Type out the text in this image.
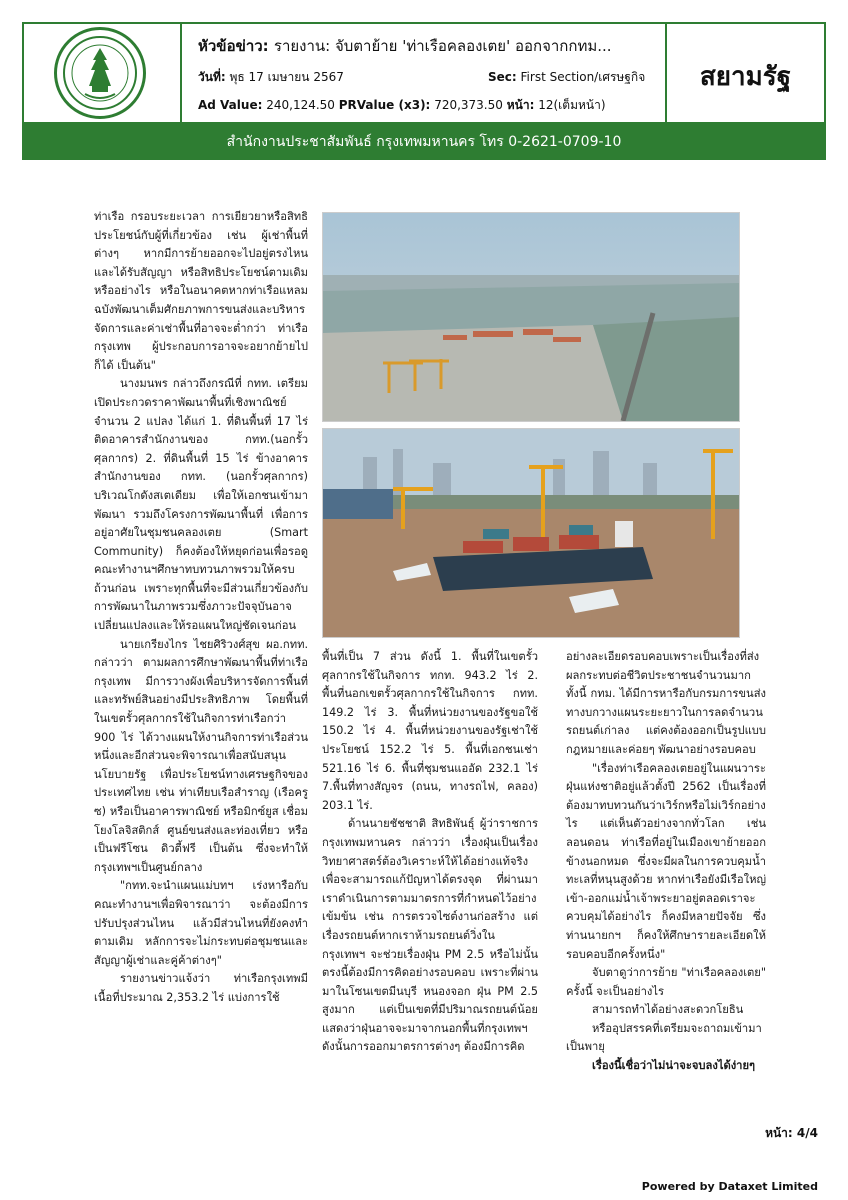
หัวข้อข่าว: รายงาน: จับตาย้าย 'ท่าเรือคลองเตย' ออกจากกทม...
วันที่: พุธ 17 เมษายน 2567	Sec: First Section/เศรษฐกิจ
Ad Value: 240,124.50 PRValue (x3): 720,373.50 หน้า: 12(เต็มหน้า)
สยามรัฐ
สำนักงานประชาสัมพันธ์ กรุงเทพมหานคร โทร 0-2621-0709-10

ท่าเรือ กรอบระยะเวลา การเยียวยาหรือสิทธิประโยชน์กับผู้ที่เกี่ยวข้อง เช่น ผู้เช่าพื้นที่ต่างๆ หากมีการย้ายออกจะไปอยู่ตรงไหน และได้รับสัญญา หรือสิทธิประโยชน์ตามเดิมหรืออย่างไร หรือในอนาคตหากท่าเรือแหลมฉบังพัฒนาเต็มศักยภาพการขนส่งและบริหารจัดการและค่าเช่าพื้นที่อาจจะต่ำกว่า ท่าเรือกรุงเทพ ผู้ประกอบการอาจจะอยากย้ายไปก็ได้ เป็นต้น"

นางมนพร กล่าวถึงกรณีที่ กทท. เตรียมเปิดประกวดราคาพัฒนาพื้นที่เชิงพาณิชย์จำนวน 2 แปลง ได้แก่ 1. ที่ดินพื้นที่ 17 ไร่ ติดอาคารสำนักงานของ กทท.(นอกรั้วศุลกากร) 2. ที่ดินพื้นที่ 15 ไร่ ข้างอาคารสำนักงานของ กทท. (นอกรั้วศุลกากร) บริเวณโกดังสเตเดียม เพื่อให้เอกชนเข้ามาพัฒนา รวมถึงโครงการพัฒนาพื้นที่ เพื่อการอยู่อาศัยในชุมชนคลองเตย (Smart Community) ก็คงต้องให้หยุดก่อนเพื่อรอดูคณะทำงานฯศึกษาทบทวนภาพรวมให้ครบถ้วนก่อน เพราะทุกพื้นที่จะมีส่วนเกี่ยวข้องกับการพัฒนาในภาพรวมซึ่งภาวะปัจจุบันอาจเปลี่ยนแปลงและให้รอแผนใหญ่ชัดเจนก่อน

นายเกรียงไกร ไชยศิริวงศ์สุข ผอ.กทท. กล่าวว่า ตามผลการศึกษาพัฒนาพื้นที่ท่าเรือกรุงเทพ มีการวางผังเพื่อบริหารจัดการพื้นที่และทรัพย์สินอย่างมีประสิทธิภาพ โดยพื้นที่ในเขตรั้วศุลกากรใช้ในกิจการท่าเรือกว่า 900 ไร่ ได้วางแผนให้งานกิจการท่าเรือส่วนหนึ่งและอีกส่วนจะพิจารณาเพื่อสนับสนุนนโยบายรัฐ เพื่อประโยชน์ทางเศรษฐกิจของประเทศไทย เช่น ท่าเทียบเรือสำราญ (เรือครูซ) หรือเป็นอาคารพาณิชย์ หรือมิกซ์ยูส เชื่อมโยงโลจิสติกส์ ศูนย์ขนส่งและท่องเที่ยว หรือเป็นฟรีโซน ดิวตี้ฟรี เป็นต้น ซึ่งจะทำให้กรุงเทพฯเป็นศูนย์กลาง

"กทท.จะนำแผนแม่บทฯ เร่งหารือกับคณะทำงานฯเพื่อพิจารณาว่า จะต้องมีการปรับปรุงส่วนไหน แล้วมีส่วนไหนที่ยังคงทำตามเดิม หลักการจะไม่กระทบต่อชุมชนและสัญญาผู้เช่าและคู่ค้าต่างๆ"

รายงานข่าวแจ้งว่า ท่าเรือกรุงเทพมีเนื้อที่ประมาณ 2,353.2 ไร่ แบ่งการใช้

พื้นที่เป็น 7 ส่วน ดังนี้ 1. พื้นที่ในเขตรั้วศุลกากรใช้ในกิจการ ทกท. 943.2 ไร่ 2. พื้นที่นอกเขตรั้วศุลกากรใช้ในกิจการ กทท. 149.2 ไร่ 3. พื้นที่หน่วยงานของรัฐขอใช้ 150.2 ไร่ 4. พื้นที่หน่วยงานของรัฐเช่าใช้ประโยชน์ 152.2 ไร่ 5. พื้นที่เอกชนเช่า 521.16 ไร่ 6. พื้นที่ชุมชนแออัด 232.1 ไร่ 7.พื้นที่ทางสัญจร (ถนน, ทางรถไฟ, คลอง) 203.1 ไร่.

ด้านนายชัชชาติ สิทธิพันธุ์ ผู้ว่าราชการกรุงเทพมหานคร กล่าวว่า เรื่องฝุ่นเป็นเรื่องวิทยาศาสตร์ต้องวิเคราะห์ให้ได้อย่างแท้จริงเพื่อจะสามารถแก้ปัญหาได้ตรงจุด ที่ผ่านมาเราดำเนินการตามมาตรการที่กำหนดไว้อย่างเข้มข้น เช่น การตรวจไซต์งานก่อสร้าง แต่เรื่องรถยนต์หากเราห้ามรถยนต์วิ่งในกรุงเทพฯ จะช่วยเรื่องฝุ่น PM 2.5 หรือไม่นั้น ตรงนี้ต้องมีการคิดอย่างรอบคอบ เพราะที่ผ่านมาในโซนเขตมีนบุรี หนองจอก ฝุ่น PM 2.5 สูงมาก แต่เป็นเขตที่มีปริมาณรถยนต์น้อย แสดงว่าฝุ่นอาจจะมาจากนอกพื้นที่กรุงเทพฯ ดังนั้นการออกมาตรการต่างๆ ต้องมีการคิด

อย่างละเอียดรอบคอบเพราะเป็นเรื่องที่ส่งผลกระทบต่อชีวิตประชาชนจำนวนมาก ทั้งนี้ กทม. ได้มีการหารือกับกรมการขนส่งทางบกวางแผนระยะยาวในการลดจำนวนรถยนต์เก่าลง แต่คงต้องออกเป็นรูปแบบกฎหมายและค่อยๆ พัฒนาอย่างรอบคอบ

"เรื่องท่าเรือคลองเตยอยู่ในแผนวาระฝุ่นแห่งชาติอยู่แล้วตั้งปี 2562 เป็นเรื่องที่ต้องมาทบทวนกันว่าเวิร์กหรือไม่เวิร์กอย่างไร แต่เห็นตัวอย่างจากทั่วโลก เช่น ลอนดอน ท่าเรือที่อยู่ในเมืองเขาย้ายออกข้างนอกหมด ซึ่งจะมีผลในการควบคุมน้ำทะเลที่หนุนสูงด้วย หากท่าเรือยังมีเรือใหญ่เข้า-ออกแม่น้ำเจ้าพระยาอยู่ตลอดเราจะควบคุมได้อย่างไร ก็คงมีหลายปัจจัย ซึ่งท่านนายกฯ ก็คงให้ศึกษารายละเอียดให้รอบคอบอีกครั้งหนึ่ง"

จับตาดูว่าการย้าย "ท่าเรือคลองเตย" ครั้งนี้ จะเป็นอย่างไร

สามารถทำได้อย่างสะดวกโยธิน

หรืออุปสรรคที่เตรียมจะถาถมเข้ามาเป็นพายุ

เรื่องนี้เชื่อว่าไม่น่าจะจบลงได้ง่ายๆ

หน้า: 4/4
Powered by Dataxet Limited
